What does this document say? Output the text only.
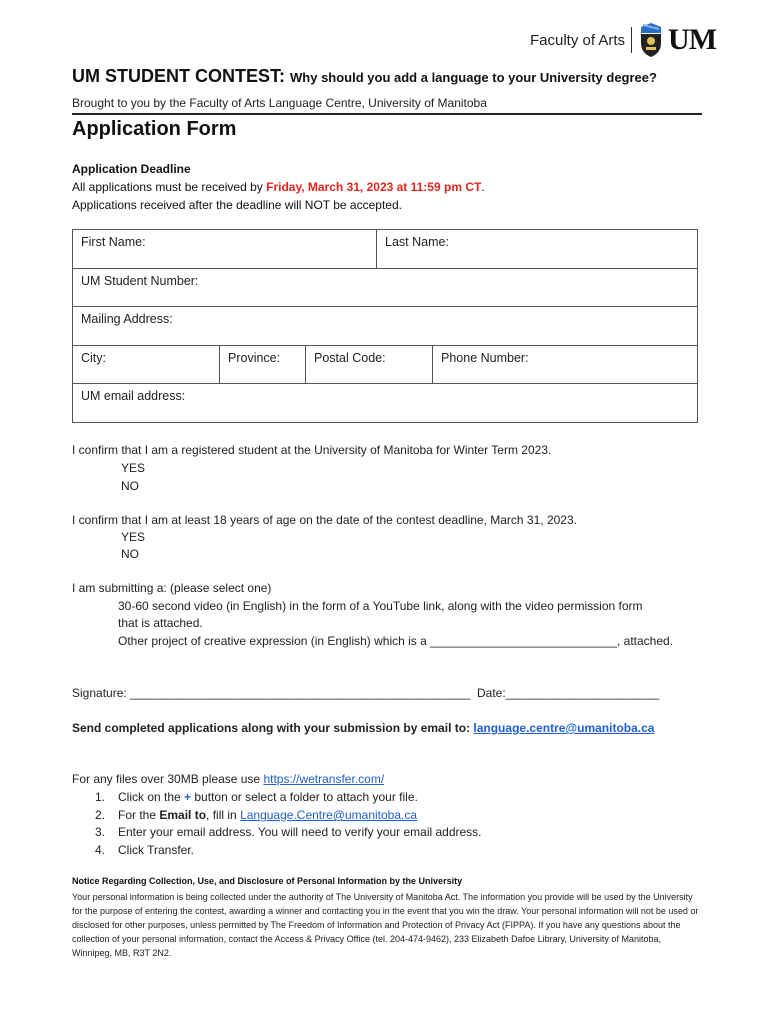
Faculty of Arts UM
UM STUDENT CONTEST: Why should you add a language to your University degree?
Brought to you by the Faculty of Arts Language Centre, University of Manitoba
Application Form
Application Deadline
All applications must be received by Friday, March 31, 2023 at 11:59 pm CT.
Applications received after the deadline will NOT be accepted.
First Name:	Last Name:
UM Student Number:
Mailing Address:
City:	Province:	Postal Code:	Phone Number:
UM email address:
I confirm that I am a registered student at the University of Manitoba for Winter Term 2023.
YES
NO
I confirm that I am at least 18 years of age on the date of the contest deadline, March 31, 2023.
YES
NO
I am submitting a: (please select one)
30-60 second video (in English) in the form of a YouTube link, along with the video permission form
that is attached.
Other project of creative expression (in English) which is a ____________________________, attached.
Signature: ___________________________________________________ Date:_______________________
Send completed applications along with your submission by email to: language.centre@umanitoba.ca
For any files over 30MB please use https://wetransfer.com/
1. Click on the + button or select a folder to attach your file.
2. For the Email to, fill in Language.Centre@umanitoba.ca
3. Enter your email address. You will need to verify your email address.
4. Click Transfer.
Notice Regarding Collection, Use, and Disclosure of Personal Information by the University
Your personal information is being collected under the authority of The University of Manitoba Act. The information you provide will be used by the University for the purpose of entering the contest, awarding a winner and contacting you in the event that you win the draw. Your personal information will not be used or disclosed for other purposes, unless permitted by The Freedom of Information and Protection of Privacy Act (FIPPA). If you have any questions about the collection of your personal information, contact the Access & Privacy Office (tel. 204-474-9462), 233 Elizabeth Dafoe Library, University of Manitoba, Winnipeg, MB, R3T 2N2.
